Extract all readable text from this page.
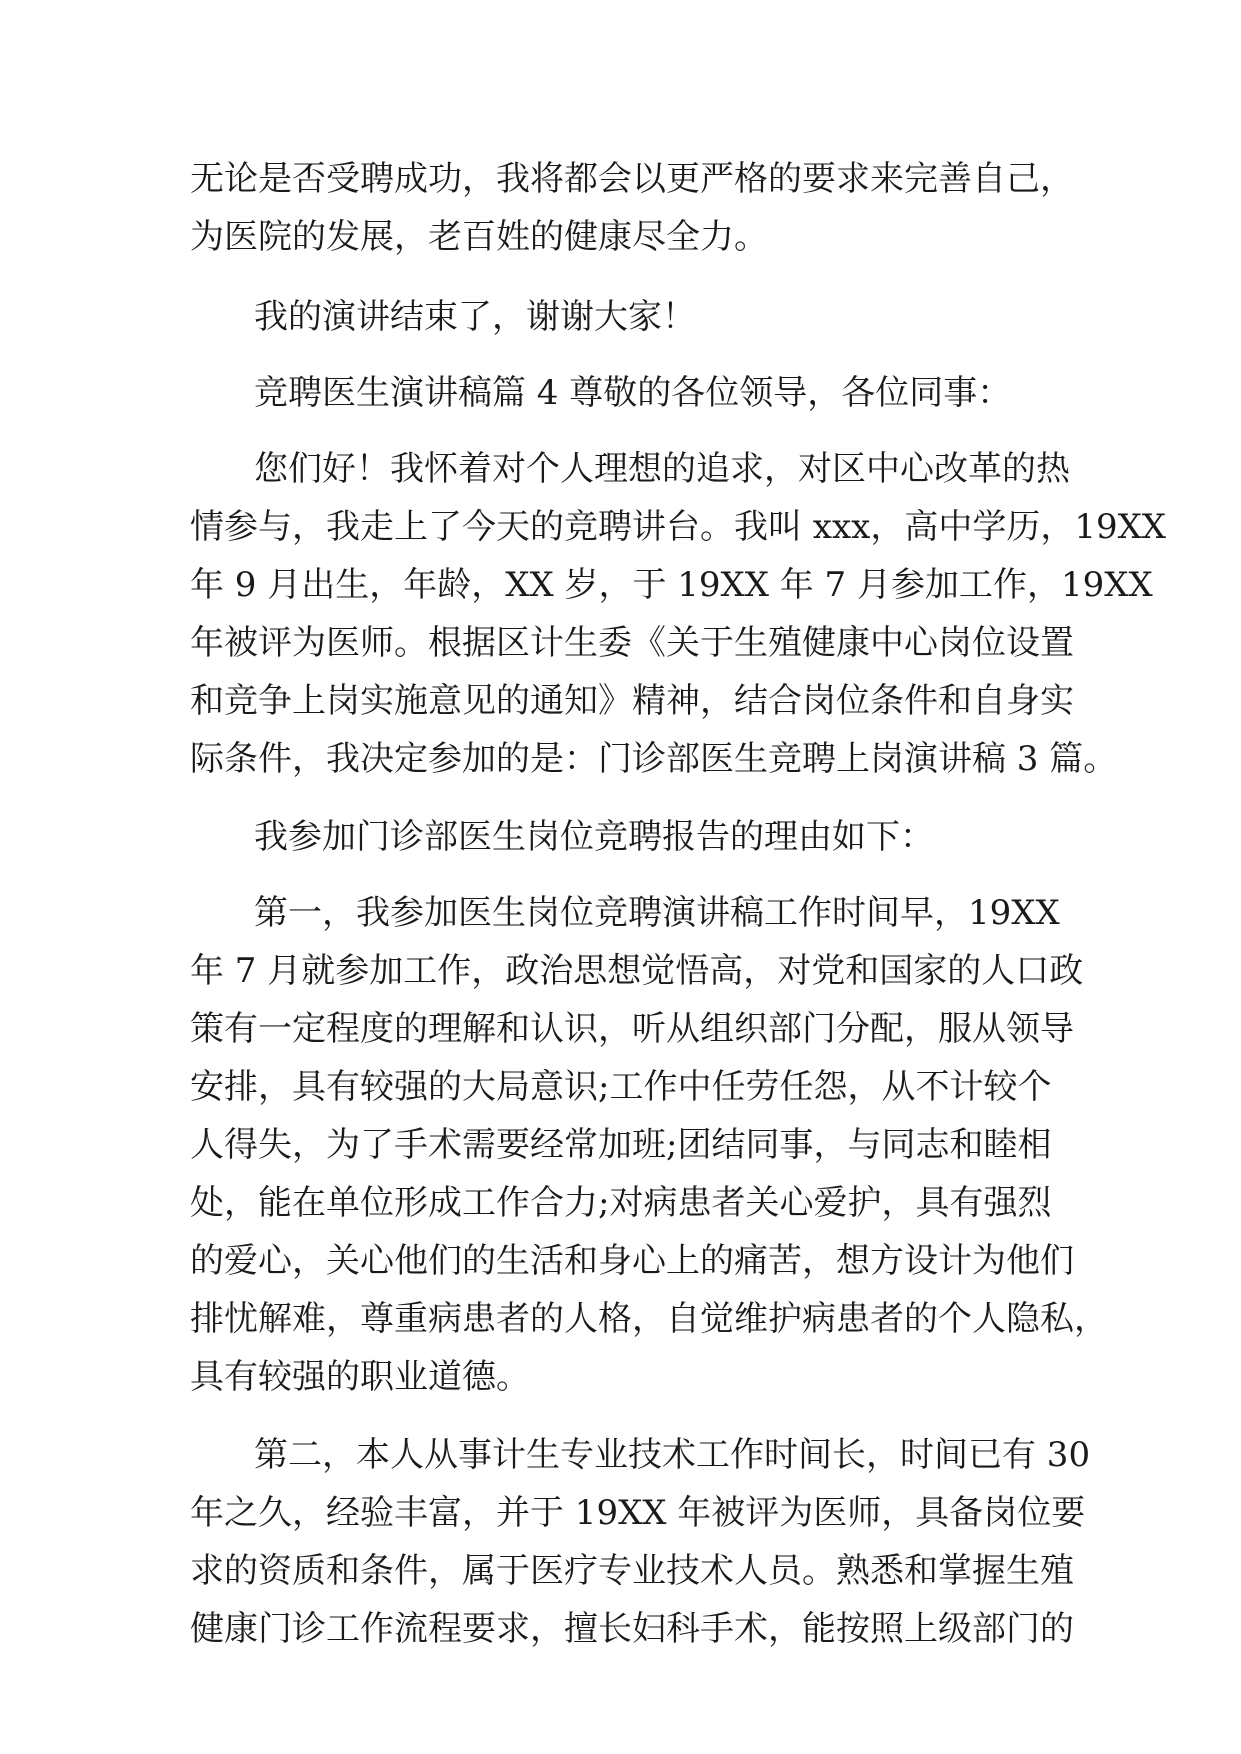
无论是否受聘成功，我将都会以更严格的要求来完善自己，
为医院的发展，老百姓的健康尽全力。
我的演讲结束了，谢谢大家！
竞聘医生演讲稿篇 4 尊敬的各位领导，各位同事：
您们好！我怀着对个人理想的追求，对区中心改革的热
情参与，我走上了今天的竞聘讲台。我叫 xxx，高中学历，19XX
年 9 月出生，年龄，XX 岁，于 19XX 年 7 月参加工作，19XX
年被评为医师。根据区计生委《关于生殖健康中心岗位设置
和竞争上岗实施意见的通知》精神，结合岗位条件和自身实
际条件，我决定参加的是：门诊部医生竞聘上岗演讲稿 3 篇。
我参加门诊部医生岗位竞聘报告的理由如下：
第一，我参加医生岗位竞聘演讲稿工作时间早，19XX
年 7 月就参加工作，政治思想觉悟高，对党和国家的人口政
策有一定程度的理解和认识，听从组织部门分配，服从领导
安排，具有较强的大局意识;工作中任劳任怨，从不计较个
人得失，为了手术需要经常加班;团结同事，与同志和睦相
处，能在单位形成工作合力;对病患者关心爱护，具有强烈
的爱心，关心他们的生活和身心上的痛苦，想方设计为他们
排忧解难，尊重病患者的人格，自觉维护病患者的个人隐私，
具有较强的职业道德。
第二，本人从事计生专业技术工作时间长，时间已有 30
年之久，经验丰富，并于 19XX 年被评为医师，具备岗位要
求的资质和条件，属于医疗专业技术人员。熟悉和掌握生殖
健康门诊工作流程要求，擅长妇科手术，能按照上级部门的
